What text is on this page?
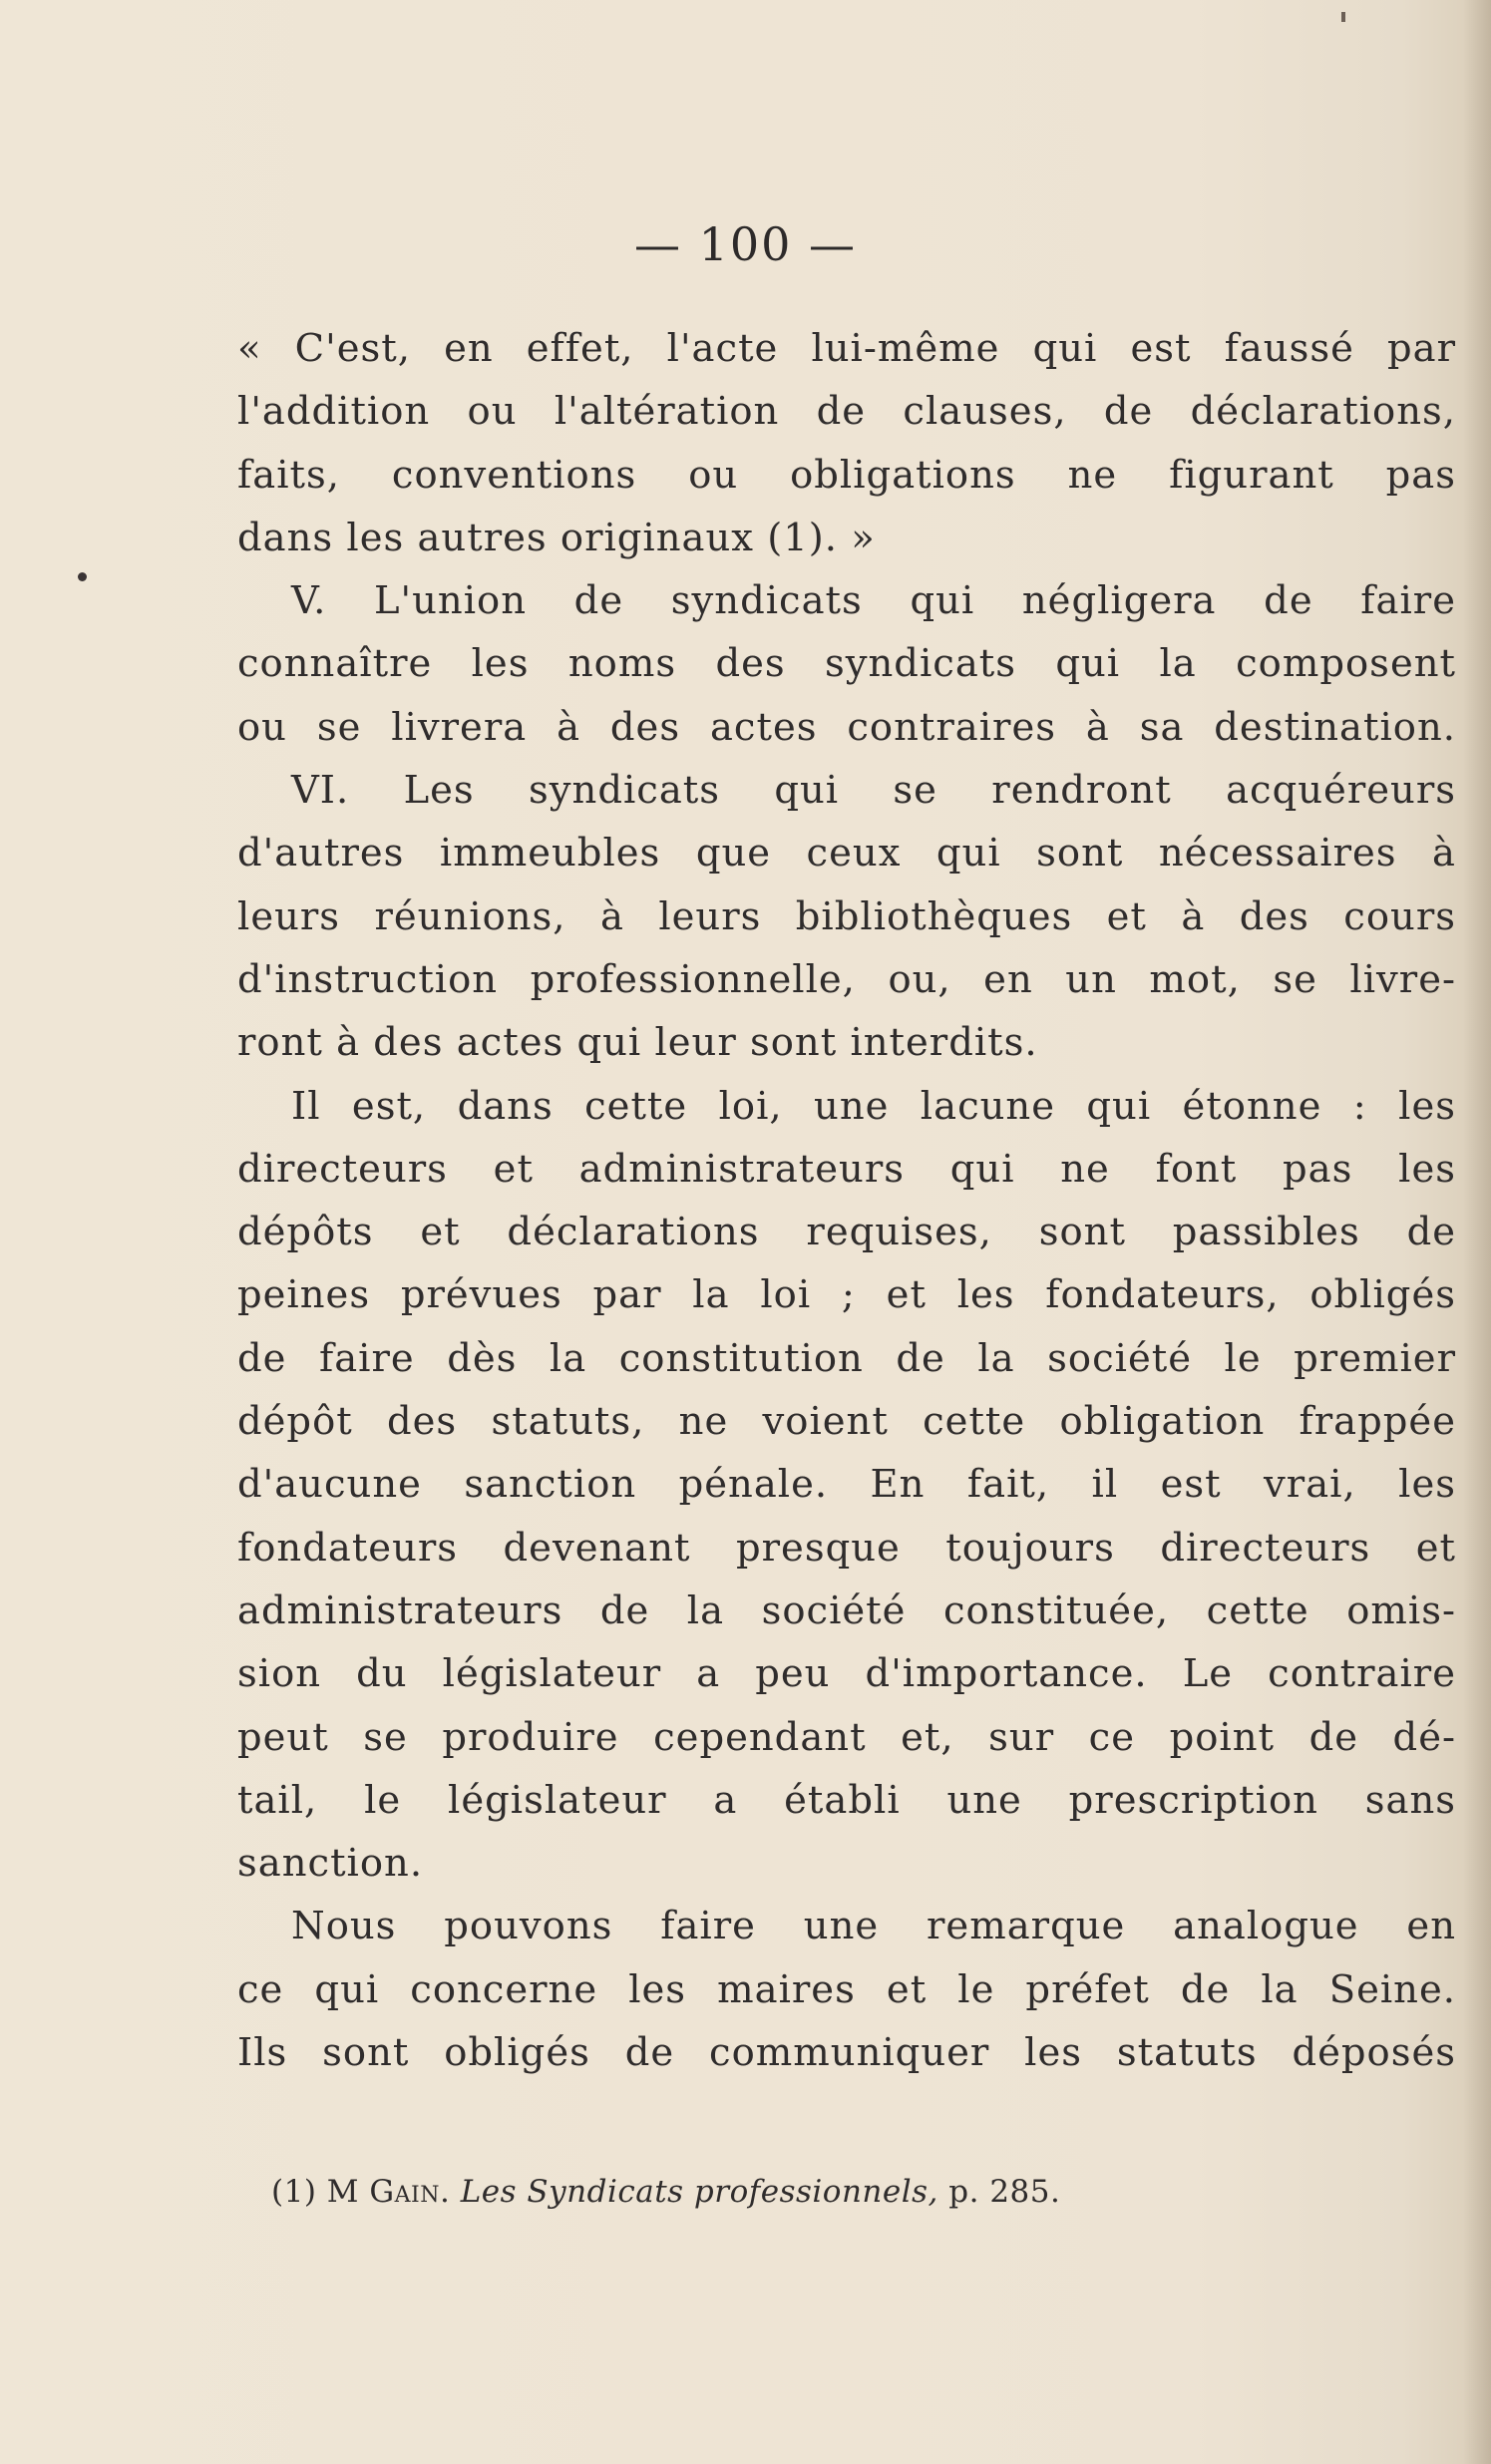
— 100 —
« C'est, en effet, l'acte lui-même qui est faussé par
l'addition ou l'altération de clauses, de déclarations,
faits, conventions ou obligations ne figurant pas
dans les autres originaux (1). »
V. L'union de syndicats qui négligera de faire
connaître les noms des syndicats qui la composent
ou se livrera à des actes contraires à sa destination.
VI. Les syndicats qui se rendront acquéreurs
d'autres immeubles que ceux qui sont nécessaires à
leurs réunions, à leurs bibliothèques et à des cours
d'instruction professionnelle, ou, en un mot, se livre-
ront à des actes qui leur sont interdits.
Il est, dans cette loi, une lacune qui étonne : les
directeurs et administrateurs qui ne font pas les
dépôts et déclarations requises, sont passibles de
peines prévues par la loi ; et les fondateurs, obligés
de faire dès la constitution de la société le premier
dépôt des statuts, ne voient cette obligation frappée
d'aucune sanction pénale. En fait, il est vrai, les
fondateurs devenant presque toujours directeurs et
administrateurs de la société constituée, cette omis-
sion du législateur a peu d'importance. Le contraire
peut se produire cependant et, sur ce point de dé-
tail, le législateur a établi une prescription sans
sanction.
Nous pouvons faire une remarque analogue en
ce qui concerne les maires et le préfet de la Seine.
Ils sont obligés de communiquer les statuts déposés
(1) M Gain. Les Syndicats professionnels, p. 285.
